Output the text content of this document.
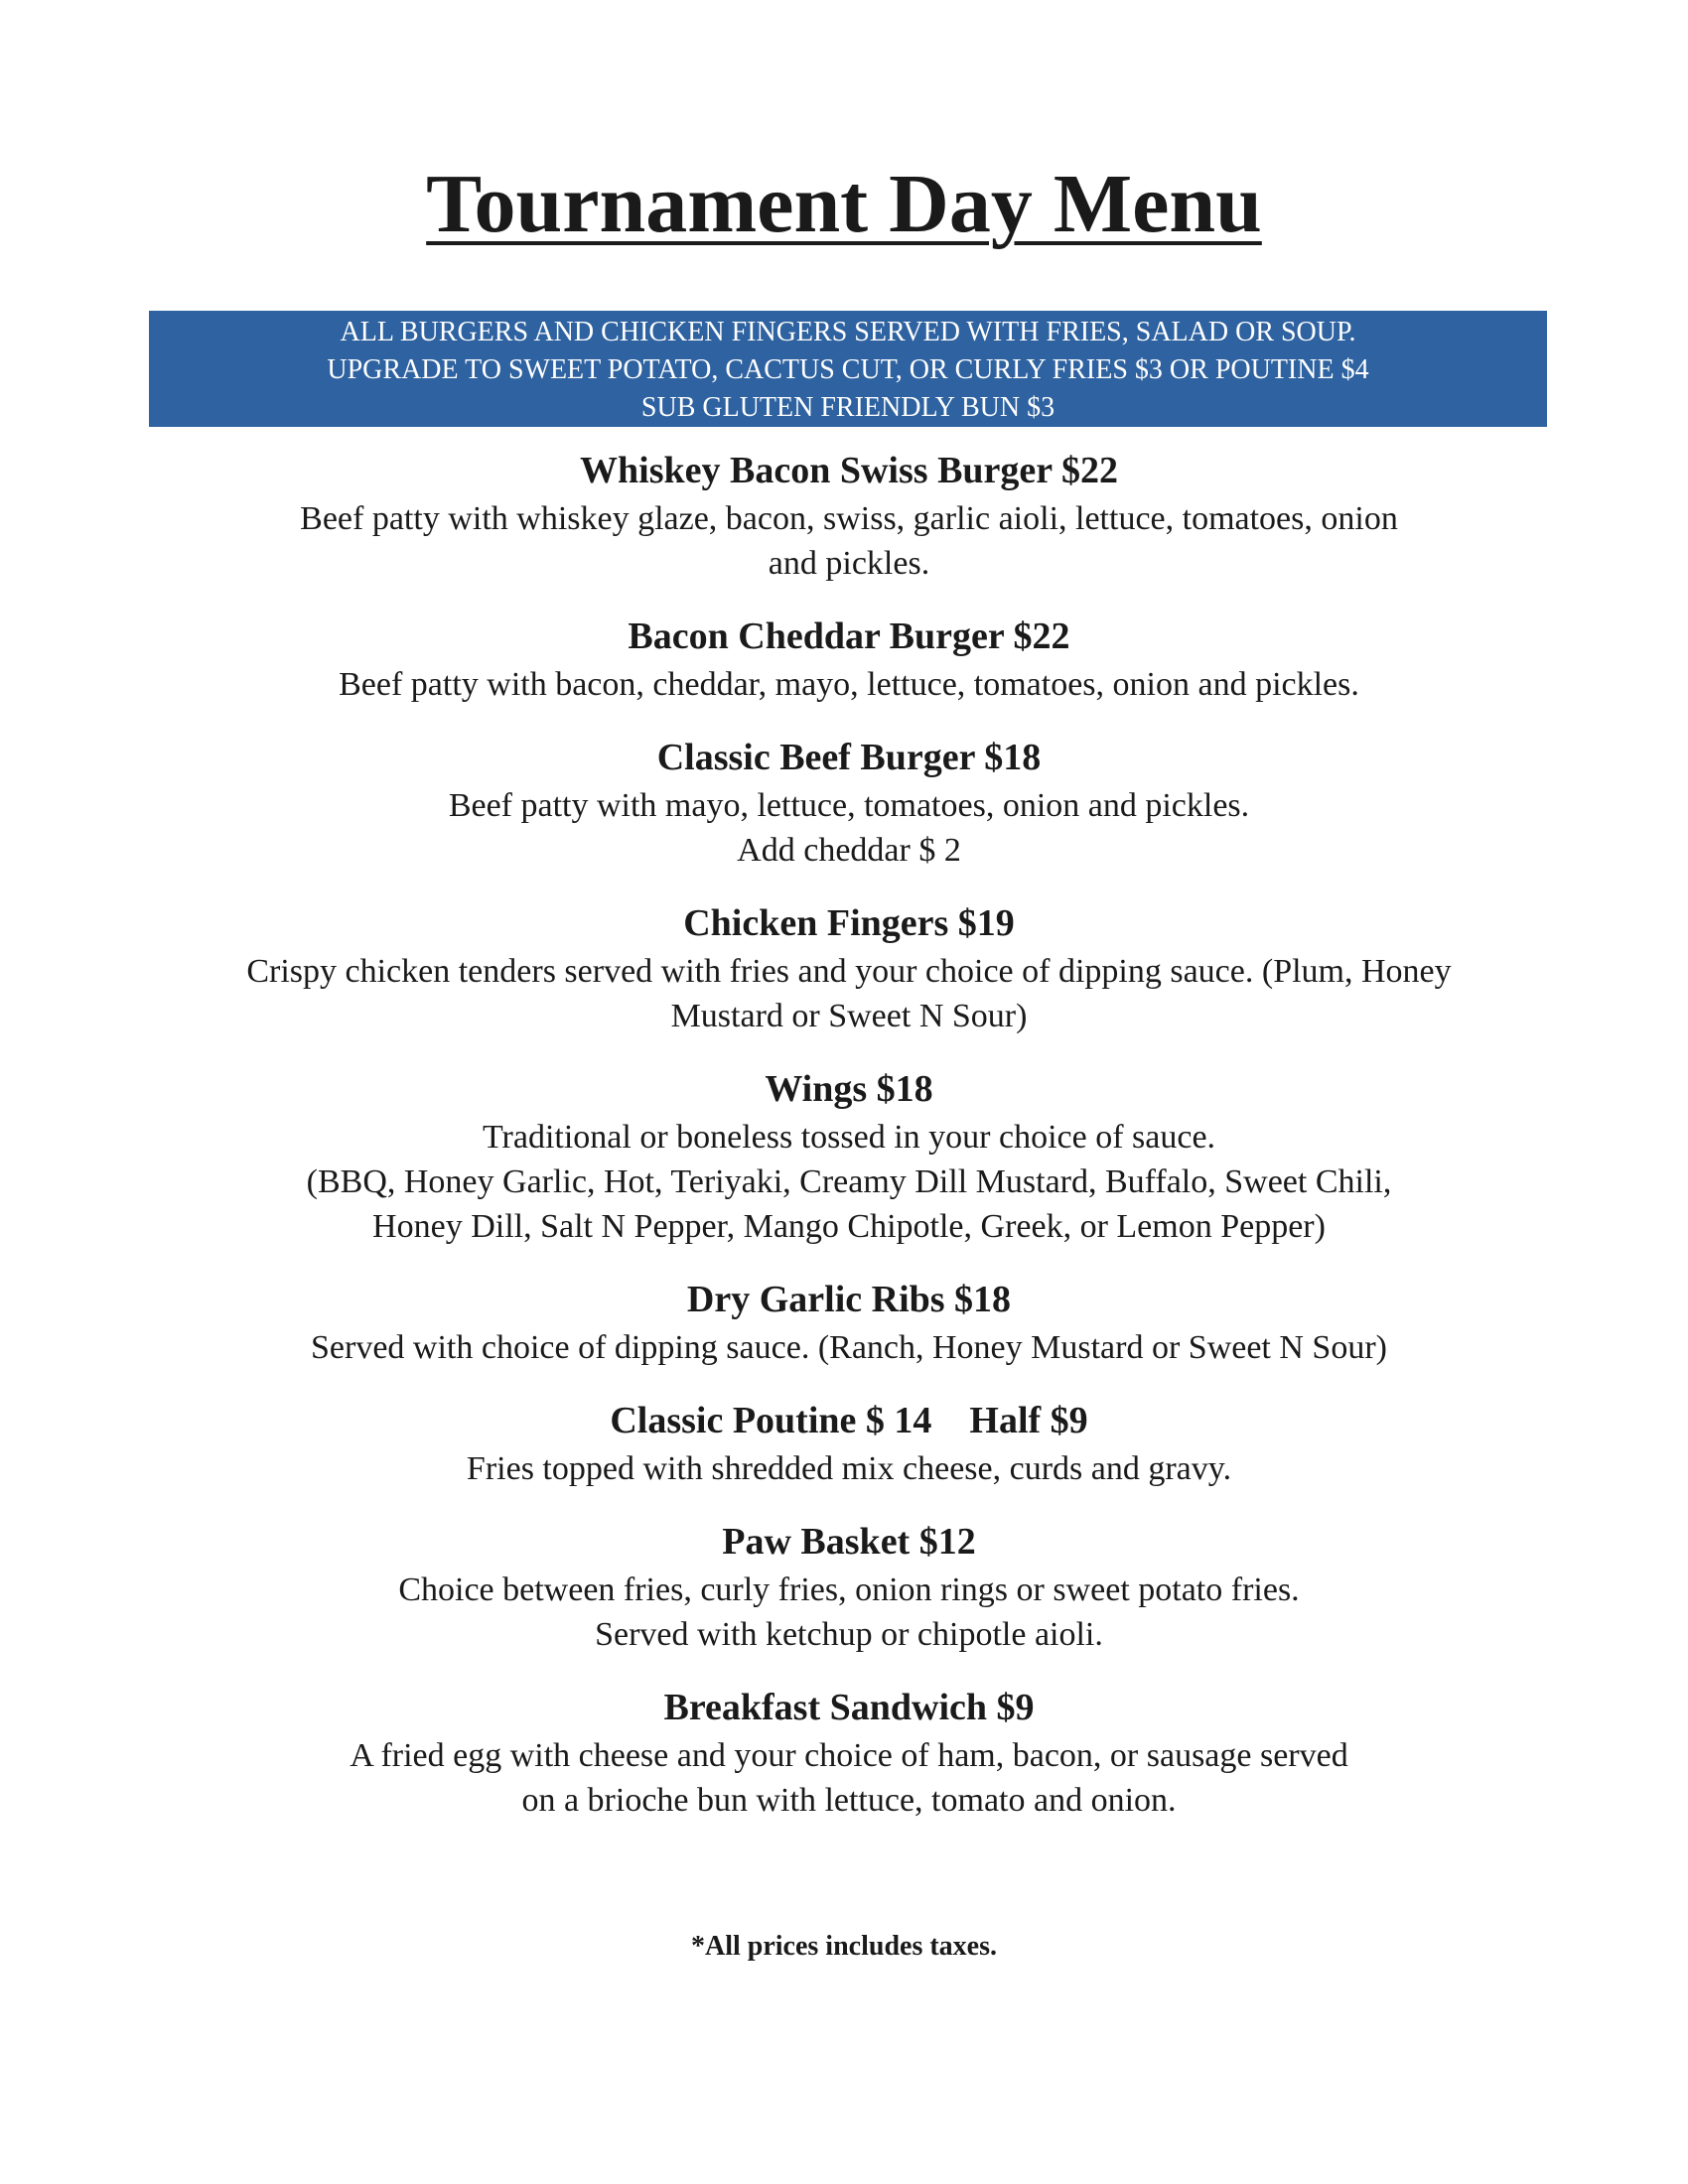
Tournament Day Menu
ALL BURGERS AND CHICKEN FINGERS SERVED WITH FRIES, SALAD OR SOUP.
UPGRADE TO SWEET POTATO, CACTUS CUT, OR CURLY FRIES $3 OR POUTINE $4
SUB GLUTEN FRIENDLY BUN $3
Whiskey Bacon Swiss Burger $22
Beef patty with whiskey glaze, bacon, swiss, garlic aioli, lettuce, tomatoes, onion
and pickles.
Bacon Cheddar Burger $22
Beef patty with bacon, cheddar, mayo, lettuce, tomatoes, onion and pickles.
Classic Beef Burger $18
Beef patty with mayo, lettuce, tomatoes, onion and pickles.
Add cheddar $ 2
Chicken Fingers $19
Crispy chicken tenders served with fries and your choice of dipping sauce. (Plum, Honey
Mustard or Sweet N Sour)
Wings $18
Traditional or boneless tossed in your choice of sauce.
(BBQ, Honey Garlic, Hot, Teriyaki, Creamy Dill Mustard, Buffalo, Sweet Chili,
Honey Dill, Salt N Pepper, Mango Chipotle, Greek, or Lemon Pepper)
Dry Garlic Ribs $18
Served with choice of dipping sauce. (Ranch, Honey Mustard or Sweet N Sour)
Classic Poutine $ 14    Half $9
Fries topped with shredded mix cheese, curds and gravy.
Paw Basket $12
Choice between fries, curly fries, onion rings or sweet potato fries.
Served with ketchup or chipotle aioli.
Breakfast Sandwich $9
A fried egg with cheese and your choice of ham, bacon, or sausage served
on a brioche bun with lettuce, tomato and onion.
*All prices includes taxes.
